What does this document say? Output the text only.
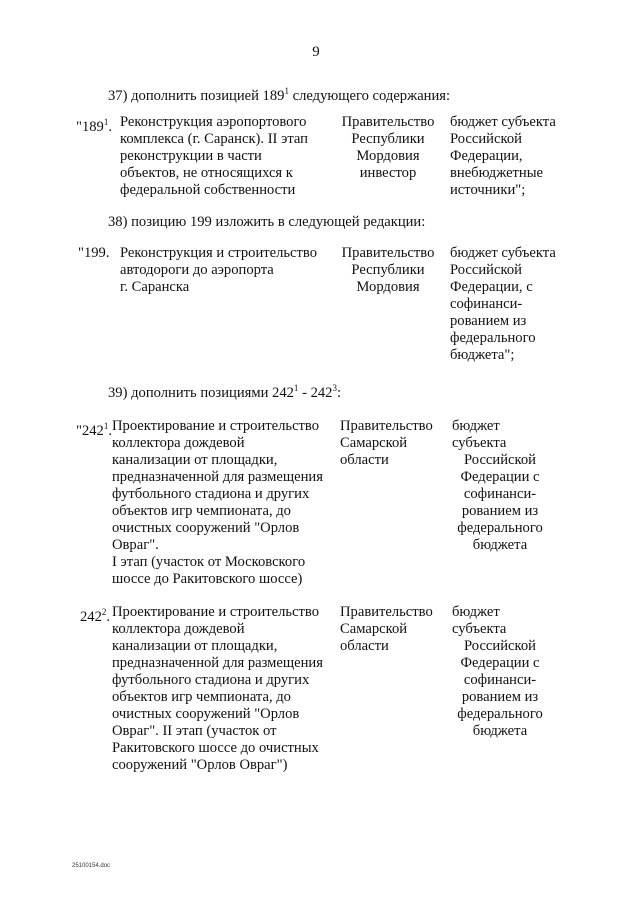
9
37) дополнить позицией $189^1$ следующего содержания:
"$189^1$. Реконструкция аэропортового
комплекса (г. Саранск). II этап
реконструкции в части
объектов, не относящихся к
федеральной собственности
Правительство
Республики
Мордовия
инвестор
бюджет субъекта
Российской
Федерации,
внебюджетные
источники";
38) позицию 199 изложить в следующей редакции:
"199. Реконструкция и строительство
автодороги до аэропорта
г. Саранска
Правительство
Республики
Мордовия
бюджет субъекта
Российской
Федерации, с
софинанси-
рованием из
федерального
бюджета";
39) дополнить позициями $242^1 - 242^3$:
"$242^1$. Проектирование и строительство
коллектора дождевой
канализации от площадки,
предназначенной для размещения
футбольного стадиона и других
объектов игр чемпионата, до
очистных сооружений "Орлов
Овраг".
I этап (участок от Московского
шоссе до Ракитовского шоссе)
Правительство
Самарской
области
бюджет
субъекта
Российской
Федерации с
софинанси-
рованием из
федерального
бюджета
$242^2$. Проектирование и строительство
коллектора дождевой
канализации от площадки,
предназначенной для размещения
футбольного стадиона и других
объектов игр чемпионата, до
очистных сооружений "Орлов
Овраг". II этап (участок от
Ракитовского шоссе до очистных
сооружений "Орлов Овраг")
Правительство
Самарской
области
бюджет
субъекта
Российской
Федерации с
софинанси-
рованием из
федерального
бюджета
25100154.doc
